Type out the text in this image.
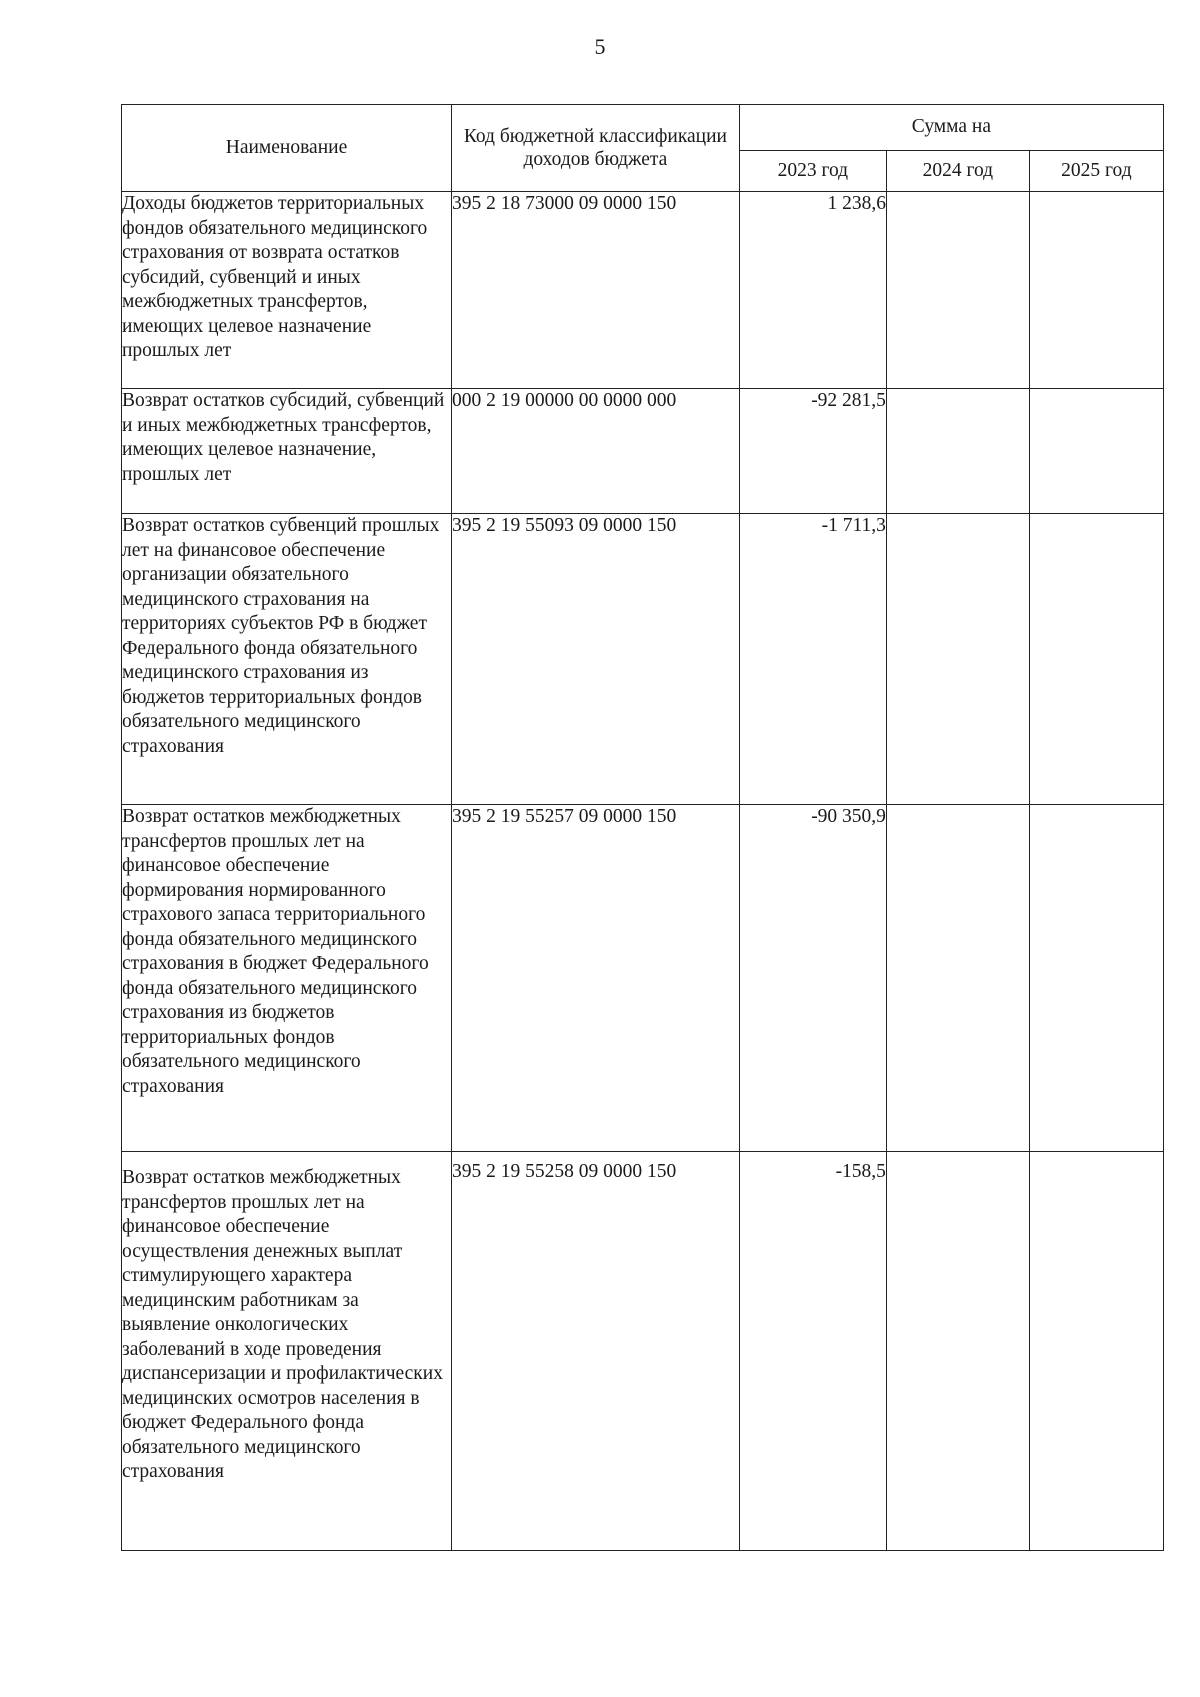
5
Наименование	Код бюджетной классификации доходов бюджета	Сумма на		
		2023 год	2024 год	2025 год
Доходы бюджетов территориальных фондов обязательного медицинского страхования от возврата остатков субсидий, субвенций и иных межбюджетных трансфертов, имеющих целевое назначение прошлых лет	395 2 18 73000 09 0000 150	1 238,6		
Возврат остатков субсидий, субвенций и иных межбюджетных трансфертов, имеющих целевое назначение, прошлых лет	000 2 19 00000 00 0000 000	-92 281,5		
Возврат остатков субвенций прошлых лет на финансовое обеспечение организации обязательного медицинского страхования на территориях субъектов РФ в бюджет Федерального фонда обязательного медицинского страхования из бюджетов территориальных фондов обязательного медицинского страхования	395 2 19 55093 09 0000 150	-1 711,3		
Возврат остатков межбюджетных трансфертов прошлых лет на финансовое обеспечение формирования нормированного страхового запаса территориального фонда обязательного медицинского страхования в бюджет Федерального фонда обязательного медицинского страхования из бюджетов территориальных фондов обязательного медицинского страхования	395 2 19 55257 09 0000 150	-90 350,9		
Возврат остатков межбюджетных трансфертов прошлых лет на финансовое обеспечение осуществления денежных выплат стимулирующего характера медицинским работникам за выявление онкологических заболеваний в ходе проведения диспансеризации и профилактических медицинских осмотров населения в бюджет Федерального фонда обязательного медицинского страхования	395 2 19 55258 09 0000 150	-158,5		
